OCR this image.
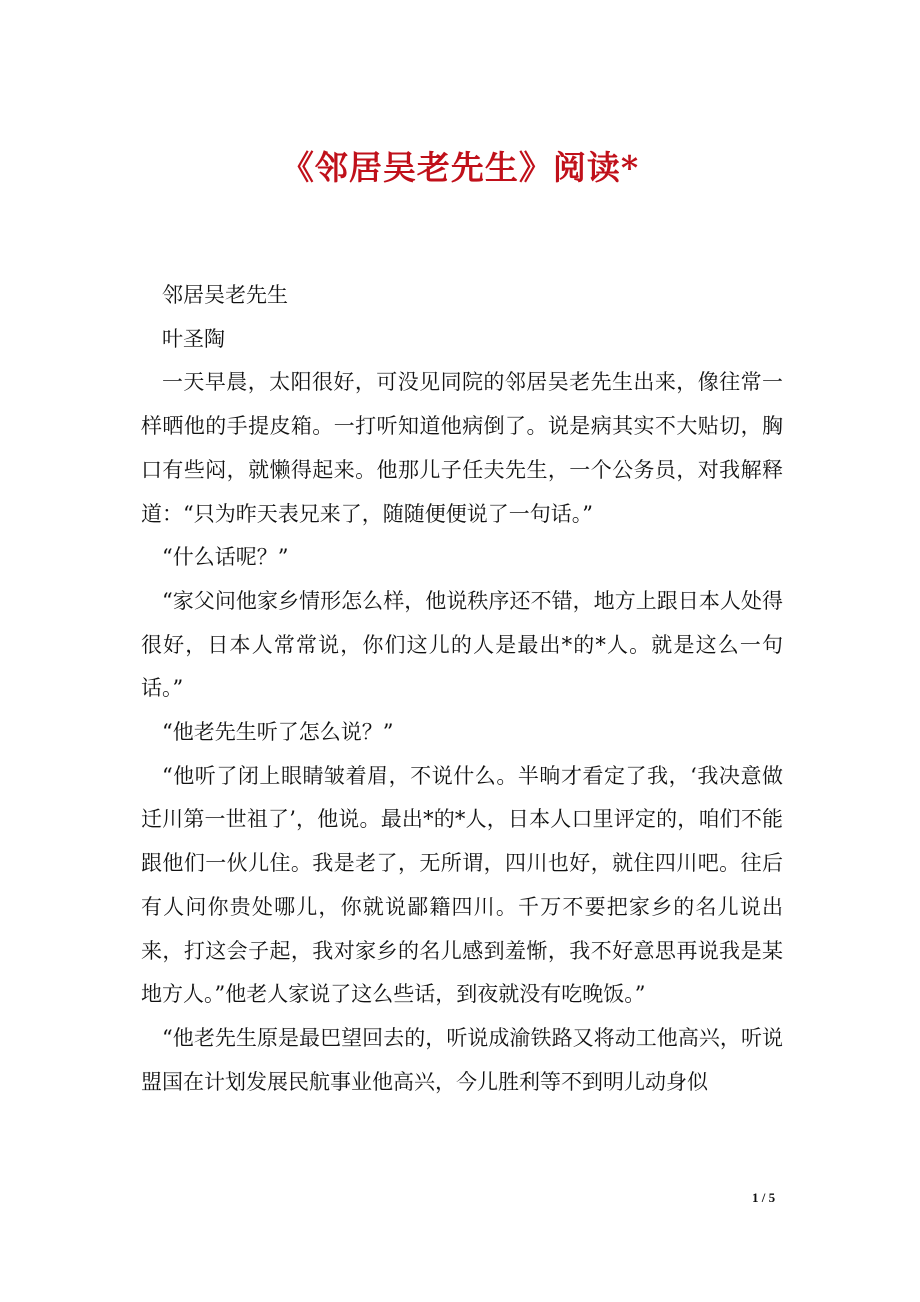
《邻居吴老先生》阅读*

邻居吴老先生

叶圣陶

一天早晨，太阳很好，可没见同院的邻居吴老先生出来，像往常一样晒他的手提皮箱。一打听知道他病倒了。说是病其实不大贴切，胸口有些闷，就懒得起来。他那儿子任夫先生，一个公务员，对我解释道：“只为昨天表兄来了，随随便便说了一句话。”

“什么话呢？”

“家父问他家乡情形怎么样，他说秩序还不错，地方上跟日本人处得很好，日本人常常说，你们这儿的人是最出*的*人。就是这么一句话。”

“他老先生听了怎么说？”

“他听了闭上眼睛皱着眉，不说什么。半晌才看定了我，‘我决意做迁川第一世祖了’，他说。最出*的*人，日本人口里评定的，咱们不能跟他们一伙儿住。我是老了，无所谓，四川也好，就住四川吧。往后有人问你贵处哪儿，你就说鄙籍四川。千万不要把家乡的名儿说出来，打这会子起，我对家乡的名儿感到羞惭，我不好意思再说我是某地方人。”他老人家说了这么些话，到夜就没有吃晚饭。”

“他老先生原是最巴望回去的，听说成渝铁路又将动工他高兴，听说盟国在计划发展民航事业他高兴，今儿胜利等不到明儿动身似

1 / 5
